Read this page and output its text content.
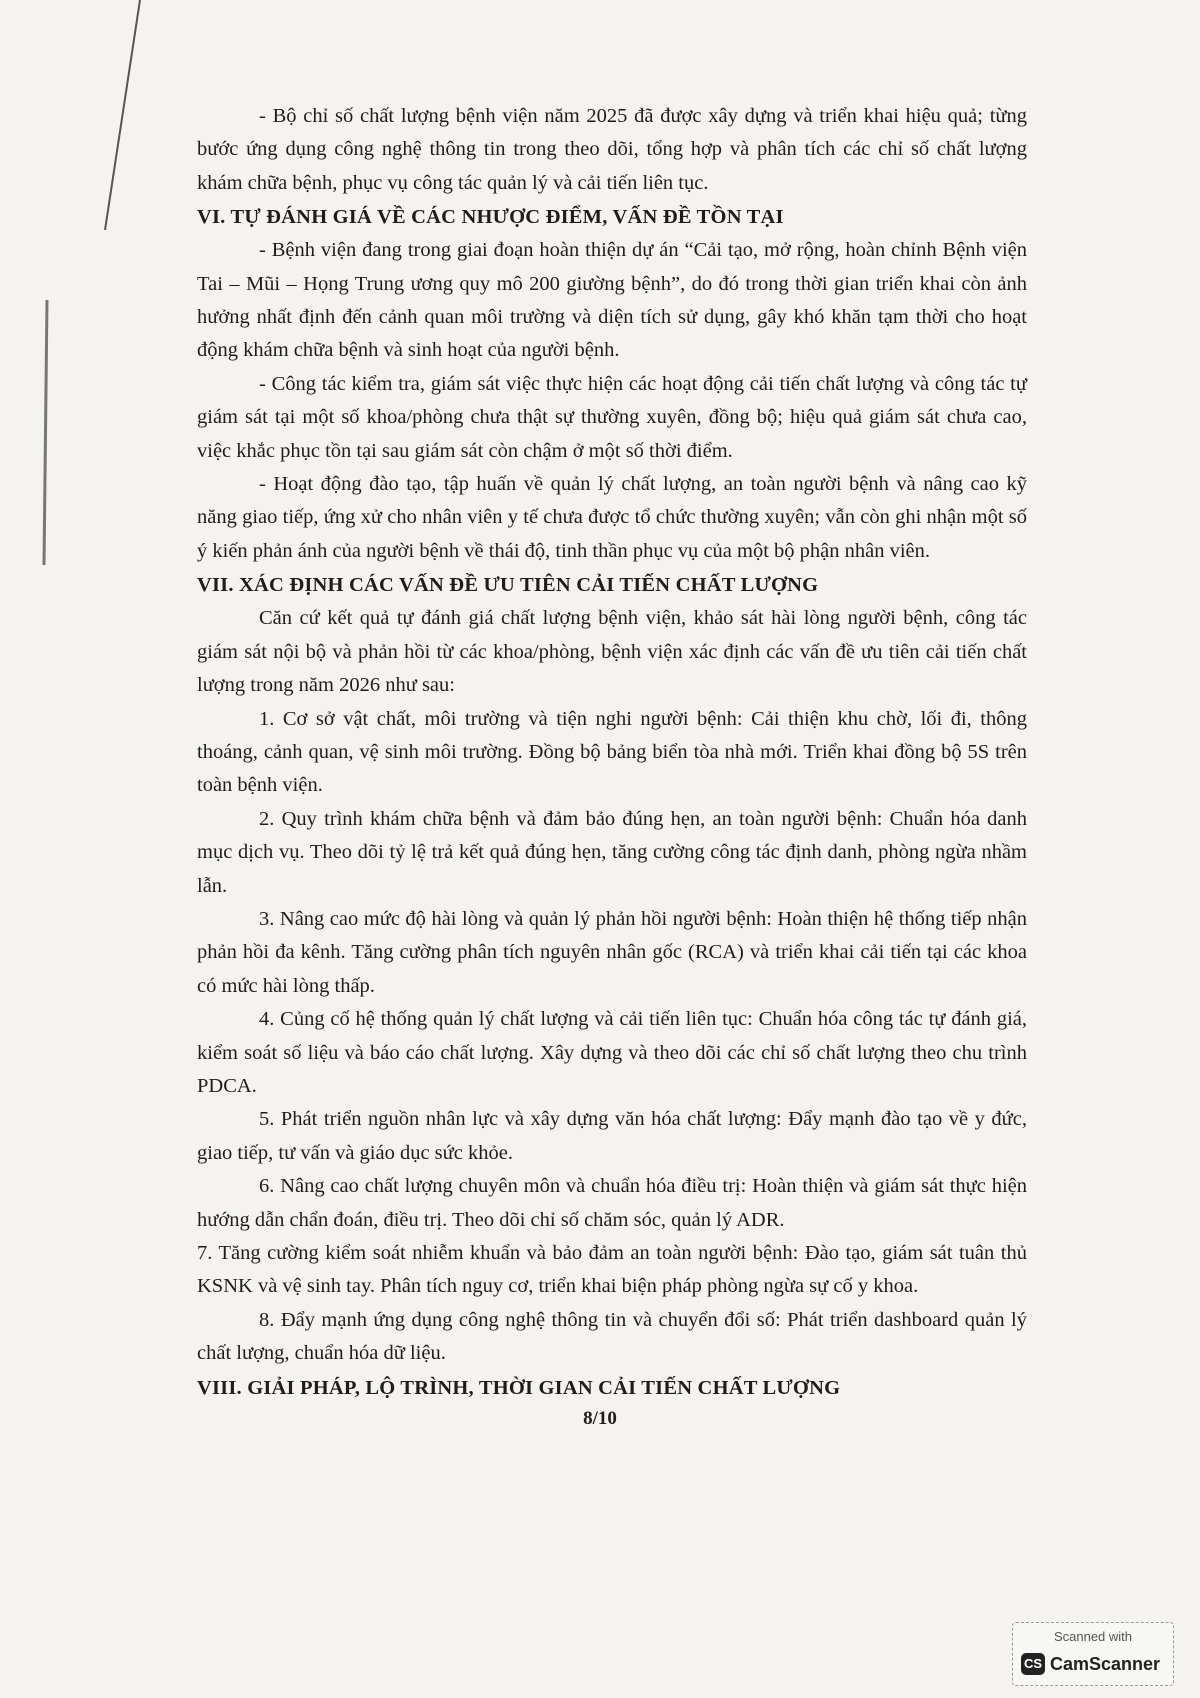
- Bộ chỉ số chất lượng bệnh viện năm 2025 đã được xây dựng và triển khai hiệu quả; từng bước ứng dụng công nghệ thông tin trong theo dõi, tổng hợp và phân tích các chỉ số chất lượng khám chữa bệnh, phục vụ công tác quản lý và cải tiến liên tục.

VI. TỰ ĐÁNH GIÁ VỀ CÁC NHƯỢC ĐIỂM, VẤN ĐỀ TỒN TẠI

- Bệnh viện đang trong giai đoạn hoàn thiện dự án “Cải tạo, mở rộng, hoàn chỉnh Bệnh viện Tai – Mũi – Họng Trung ương quy mô 200 giường bệnh”, do đó trong thời gian triển khai còn ảnh hưởng nhất định đến cảnh quan môi trường và diện tích sử dụng, gây khó khăn tạm thời cho hoạt động khám chữa bệnh và sinh hoạt của người bệnh.

- Công tác kiểm tra, giám sát việc thực hiện các hoạt động cải tiến chất lượng và công tác tự giám sát tại một số khoa/phòng chưa thật sự thường xuyên, đồng bộ; hiệu quả giám sát chưa cao, việc khắc phục tồn tại sau giám sát còn chậm ở một số thời điểm.

- Hoạt động đào tạo, tập huấn về quản lý chất lượng, an toàn người bệnh và nâng cao kỹ năng giao tiếp, ứng xử cho nhân viên y tế chưa được tổ chức thường xuyên; vẫn còn ghi nhận một số ý kiến phản ánh của người bệnh về thái độ, tinh thần phục vụ của một bộ phận nhân viên.

VII. XÁC ĐỊNH CÁC VẤN ĐỀ ƯU TIÊN CẢI TIẾN CHẤT LƯỢNG

Căn cứ kết quả tự đánh giá chất lượng bệnh viện, khảo sát hài lòng người bệnh, công tác giám sát nội bộ và phản hồi từ các khoa/phòng, bệnh viện xác định các vấn đề ưu tiên cải tiến chất lượng trong năm 2026 như sau:

1. Cơ sở vật chất, môi trường và tiện nghi người bệnh: Cải thiện khu chờ, lối đi, thông thoáng, cảnh quan, vệ sinh môi trường. Đồng bộ bảng biển tòa nhà mới. Triển khai đồng bộ 5S trên toàn bệnh viện.

2. Quy trình khám chữa bệnh và đảm bảo đúng hẹn, an toàn người bệnh: Chuẩn hóa danh mục dịch vụ. Theo dõi tỷ lệ trả kết quả đúng hẹn, tăng cường công tác định danh, phòng ngừa nhầm lẫn.

3. Nâng cao mức độ hài lòng và quản lý phản hồi người bệnh: Hoàn thiện hệ thống tiếp nhận phản hồi đa kênh. Tăng cường phân tích nguyên nhân gốc (RCA) và triển khai cải tiến tại các khoa có mức hài lòng thấp.

4. Củng cố hệ thống quản lý chất lượng và cải tiến liên tục: Chuẩn hóa công tác tự đánh giá, kiểm soát số liệu và báo cáo chất lượng. Xây dựng và theo dõi các chỉ số chất lượng theo chu trình PDCA.

5. Phát triển nguồn nhân lực và xây dựng văn hóa chất lượng: Đẩy mạnh đào tạo về y đức, giao tiếp, tư vấn và giáo dục sức khỏe.

6. Nâng cao chất lượng chuyên môn và chuẩn hóa điều trị: Hoàn thiện và giám sát thực hiện hướng dẫn chẩn đoán, điều trị. Theo dõi chỉ số chăm sóc, quản lý ADR.

7. Tăng cường kiểm soát nhiễm khuẩn và bảo đảm an toàn người bệnh: Đào tạo, giám sát tuân thủ KSNK và vệ sinh tay. Phân tích nguy cơ, triển khai biện pháp phòng ngừa sự cố y khoa.

8. Đẩy mạnh ứng dụng công nghệ thông tin và chuyển đổi số: Phát triển dashboard quản lý chất lượng, chuẩn hóa dữ liệu.

VIII. GIẢI PHÁP, LỘ TRÌNH, THỜI GIAN CẢI TIẾN CHẤT LƯỢNG
8/10
Scanned with
CS CamScanner
